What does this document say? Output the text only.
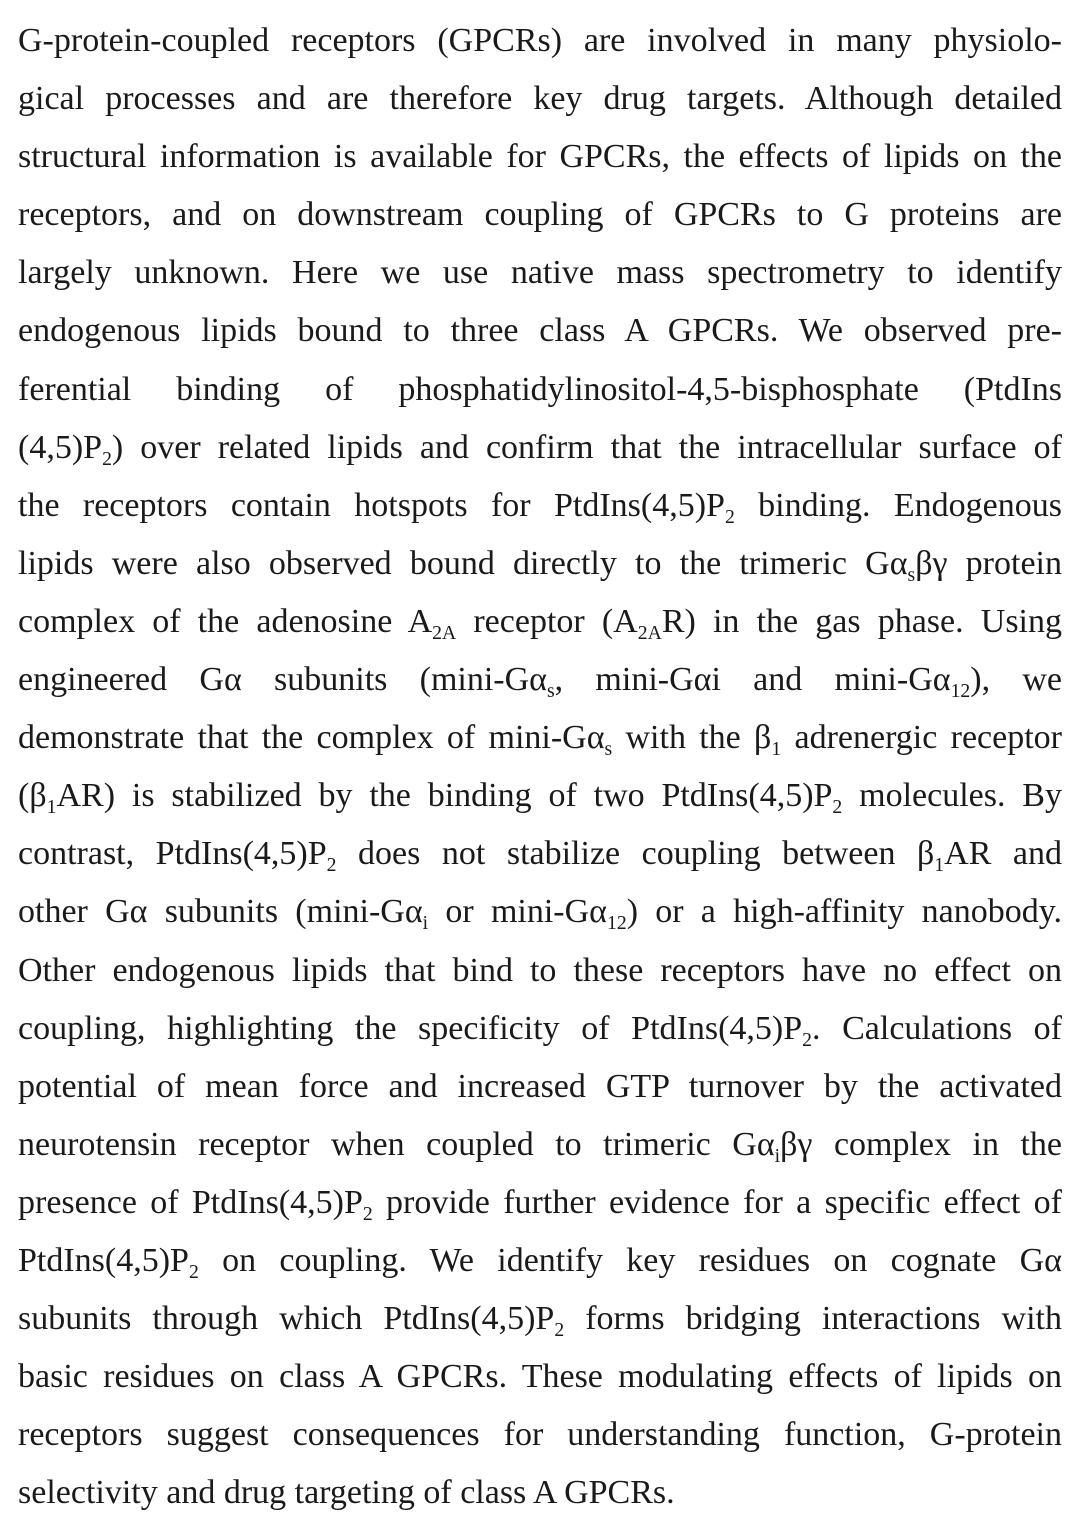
G-protein-coupled receptors (GPCRs) are involved in many physiolo-
gical processes and are therefore key drug targets. Although detailed
structural information is available for GPCRs, the effects of lipids on the
receptors, and on downstream coupling of GPCRs to G proteins are
largely unknown. Here we use native mass spectrometry to identify
endogenous lipids bound to three class A GPCRs. We observed pre-
ferential binding of phosphatidylinositol-4,5-bisphosphate (PtdIns
$(4,5)P_2$) over related lipids and confirm that the intracellular surface of
the receptors contain hotspots for $PtdIns(4,5)P_2$ binding. Endogenous
lipids were also observed bound directly to the trimeric $G\alpha_s\beta\gamma$ protein
complex of the adenosine $A_{2A}$ receptor $(A_{2A}R)$ in the gas phase. Using
engineered Gα subunits ($\min i-G\alpha_s$, mini-Gαi and mini-$G\alpha_{12}$), we
demonstrate that the complex of mini-$G\alpha_s$ with the $\beta_1$ adrenergic receptor
$(\beta_1AR)$ is stabilized by the binding of two $PtdIns(4,5)P_2$ molecules. By
contrast, $PtdIns(4,5)P_2$ does not stabilize coupling between $\beta_1AR$ and
other Gα subunits ($\min i-G\alpha_i$ or mini-$G\alpha_{12}$) or a high-affinity nanobody.
Other endogenous lipids that bind to these receptors have no effect on
coupling, highlighting the specificity of $PtdIns(4,5)P_2$. Calculations of
potential of mean force and increased GTP turnover by the activated
neurotensin receptor when coupled to trimeric $G\alpha_i\beta\gamma$ complex in the
presence of $PtdIns(4,5)P_2$ provide further evidence for a specific effect of
$PtdIns(4,5)P_2$ on coupling. We identify key residues on cognate Gα
subunits through which $PtdIns(4,5)P_2$ forms bridging interactions with
basic residues on class A GPCRs. These modulating effects of lipids on
receptors suggest consequences for understanding function, G-protein
selectivity and drug targeting of class A GPCRs.
